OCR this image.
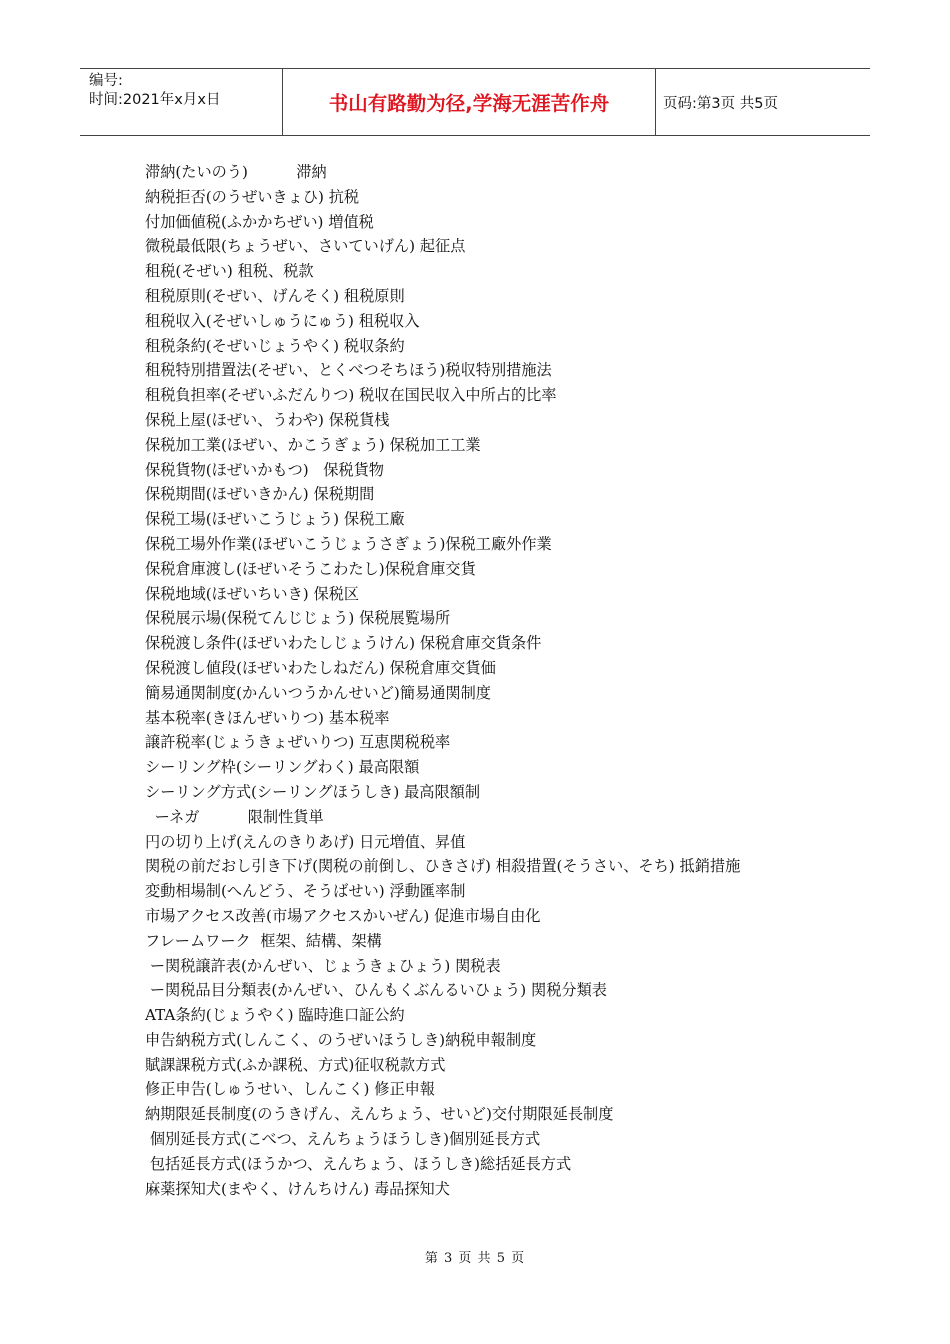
编号:
时间:2021年x月x日	书山有路勤为径,学海无涯苦作舟	页码:第3页 共5页
滞納(たいのう)          滞納
納税拒否(のうぜいきょひ) 抗税
付加価値税(ふかかちぜい) 増值税
微税最低限(ちょうぜい、さいていげん) 起征点
租税(そぜい) 租税、税款
租税原則(そぜい、げんそく) 租税原則
租税収入(そぜいしゅうにゅう) 租税収入
租税条約(そぜいじょうやく) 税収条約
租税特別措置法(そぜい、とくべつそちほう)税収特別措施法
租税負担率(そぜいふだんりつ) 税収在国民収入中所占的比率
保税上屋(ほぜい、うわや) 保税貨桟
保税加工業(ほぜい、かこうぎょう) 保税加工工業
保税貨物(ほぜいかもつ)   保税貨物
保税期間(ほぜいきかん) 保税期間
保税工場(ほぜいこうじょう) 保税工廠
保税工場外作業(ほぜいこうじょうさぎょう)保税工廠外作業
保税倉庫渡し(ほぜいそうこわたし)保税倉庫交貨
保税地域(ほぜいちいき) 保税区
保税展示場(保税てんじじょう) 保税展覧場所
保税渡し条件(ほぜいわたしじょうけん) 保税倉庫交貨条件
保税渡し値段(ほぜいわたしねだん) 保税倉庫交貨価
簡易通関制度(かんいつうかんせいど)簡易通関制度
基本税率(きほんぜいりつ) 基本税率
譲許税率(じょうきょぜいりつ) 互恵関税税率
シーリング枠(シーリングわく) 最高限額
シーリング方式(シーリングほうしき) 最高限額制
ーネガ          限制性貨単
円の切り上げ(えんのきりあげ) 日元増值、昇值
関税の前だおし引き下げ(関税の前倒し、ひきさげ) 相殺措置(そうさい、そち) 抵銷措施
変動相場制(へんどう、そうばせい) 浮動匯率制
市場アクセス改善(市場アクセスかいぜん) 促進市場自由化
フレームワーク  框架、結構、架構
ー関税譲許表(かんぜい、じょうきょひょう) 関税表
ー関税品目分類表(かんぜい、ひんもくぶんるいひょう) 関税分類表
ATA条約(じょうやく) 臨時進口証公約
申告納税方式(しんこく、のうぜいほうしき)納税申報制度
賦課課税方式(ふか課税、方式)征収税款方式
修正申告(しゅうせい、しんこく) 修正申報
納期限延長制度(のうきげん、えんちょう、せいど)交付期限延長制度
個別延長方式(こべつ、えんちょうほうしき)個別延長方式
包括延長方式(ほうかつ、えんちょう、ほうしき)総括延長方式
麻薬探知犬(まやく、けんちけん) 毒品探知犬
第 3 页 共 5 页
